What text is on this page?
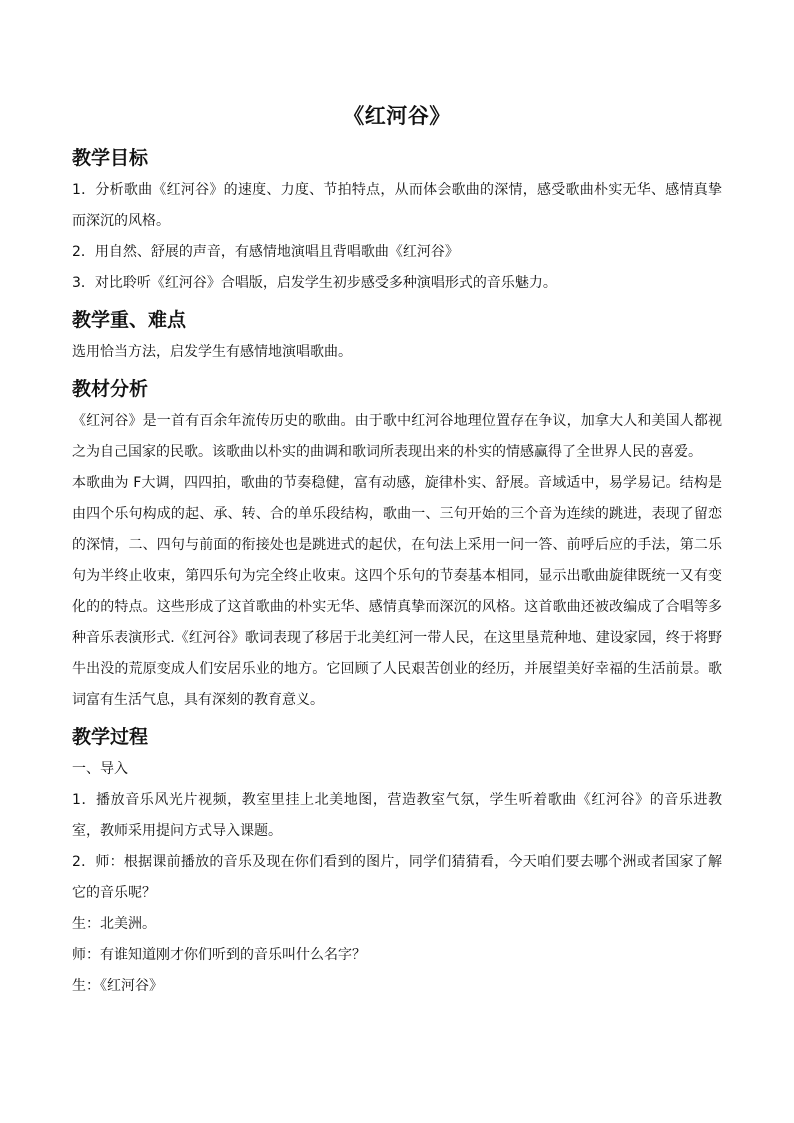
《红河谷》
教学目标

1．分析歌曲《红河谷》的速度、力度、节拍特点，从而体会歌曲的深情，感受歌曲朴实无华、感情真挚而深沉的风格。

2．用自然、舒展的声音，有感情地演唱且背唱歌曲《红河谷》

3．对比聆听《红河谷》合唱版，启发学生初步感受多种演唱形式的音乐魅力。

教学重、难点

选用恰当方法，启发学生有感情地演唱歌曲。

教材分析

《红河谷》是一首有百余年流传历史的歌曲。由于歌中红河谷地理位置存在争议，加拿大人和美国人都视之为自己国家的民歌。该歌曲以朴实的曲调和歌词所表现出来的朴实的情感赢得了全世界人民的喜爱。

本歌曲为 F大调，四四拍，歌曲的节奏稳健，富有动感，旋律朴实、舒展。音域适中，易学易记。结构是由四个乐句构成的起、承、转、合的单乐段结构，歌曲一、三句开始的三个音为连续的跳进，表现了留恋的深情，二、四句与前面的衔接处也是跳进式的起伏，在句法上采用一问一答、前呼后应的手法，第二乐句为半终止收束，第四乐句为完全终止收束。这四个乐句的节奏基本相同，显示出歌曲旋律既统一又有变化的的特点。这些形成了这首歌曲的朴实无华、感情真挚而深沉的风格。这首歌曲还被改编成了合唱等多种音乐表演形式.《红河谷》歌词表现了移居于北美红河一带人民，在这里垦荒种地、建设家园，终于将野牛出没的荒原变成人们安居乐业的地方。它回顾了人民艰苦创业的经历，并展望美好幸福的生活前景。歌词富有生活气息，具有深刻的教育意义。

教学过程

一、导入

1．播放音乐风光片视频，教室里挂上北美地图，营造教室气氛，学生听着歌曲《红河谷》的音乐进教室，教师采用提问方式导入课题。

2．师：根据课前播放的音乐及现在你们看到的图片，同学们猜猜看，今天咱们要去哪个洲或者国家了解它的音乐呢？

生：北美洲。

师：有谁知道刚才你们听到的音乐叫什么名字？

生：《红河谷》
